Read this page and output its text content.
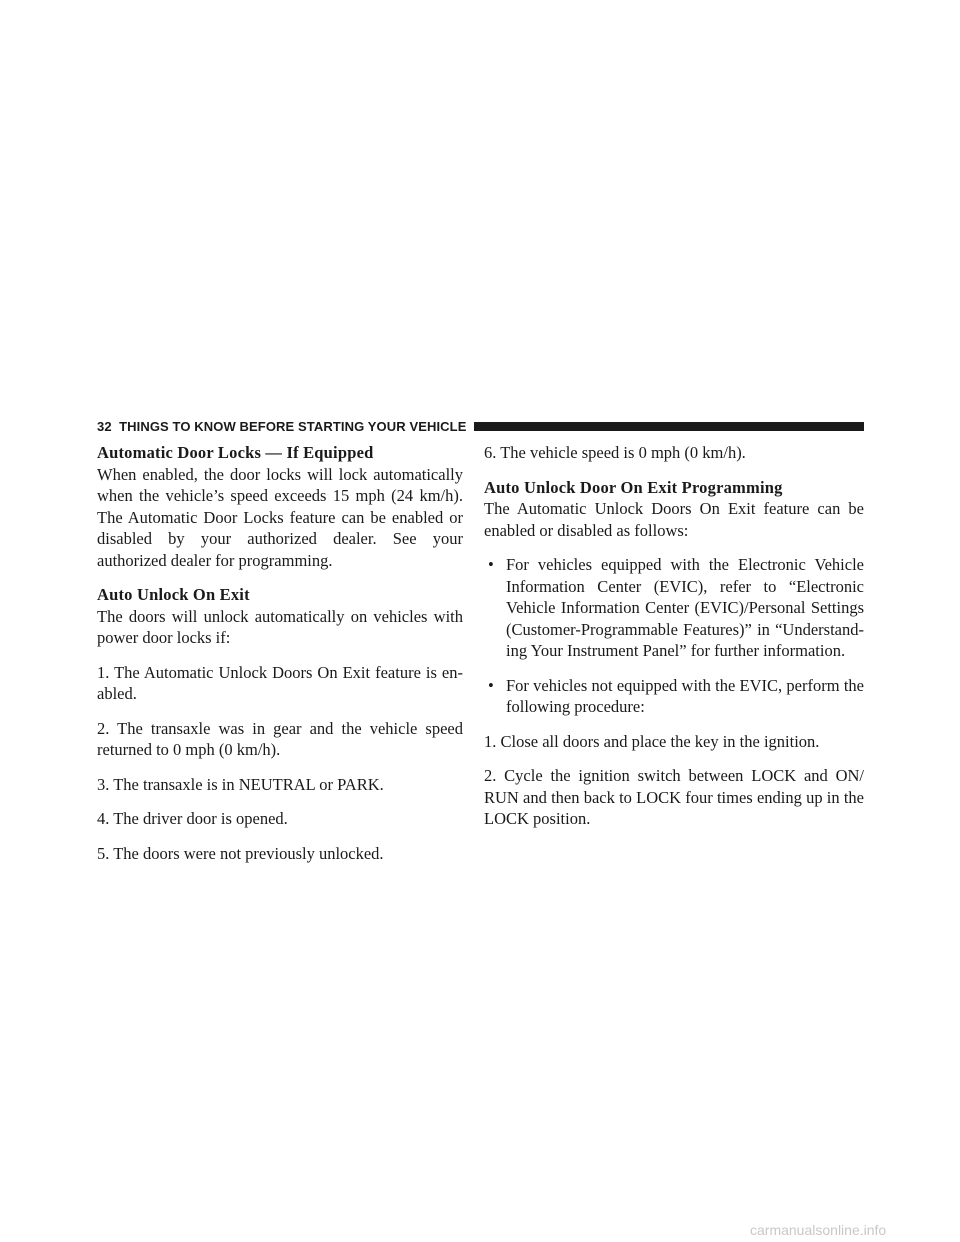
32 THINGS TO KNOW BEFORE STARTING YOUR VEHICLE
Automatic Door Locks — If Equipped

When enabled, the door locks will lock automatically when the vehicle’s speed exceeds 15 mph (24 km/h). The Automatic Door Locks feature can be enabled or disabled by your authorized dealer. See your authorized dealer for programming.

Auto Unlock On Exit

The doors will unlock automatically on vehicles with power door locks if:

1. The Automatic Unlock Doors On Exit feature is en-abled.

2. The transaxle was in gear and the vehicle speed returned to 0 mph (0 km/h).

3. The transaxle is in NEUTRAL or PARK.

4. The driver door is opened.

5. The doors were not previously unlocked.

6. The vehicle speed is 0 mph (0 km/h).

Auto Unlock Door On Exit Programming

The Automatic Unlock Doors On Exit feature can be enabled or disabled as follows:

• For vehicles equipped with the Electronic Vehicle Information Center (EVIC), refer to “Electronic Vehicle Information Center (EVIC)/Personal Settings (Customer-Programmable Features)” in “Understand-ing Your Instrument Panel” for further information.
• For vehicles not equipped with the EVIC, perform the following procedure:

1. Close all doors and place the key in the ignition.

2. Cycle the ignition switch between LOCK and ON/ RUN and then back to LOCK four times ending up in the LOCK position.

carmanualsonline.info
